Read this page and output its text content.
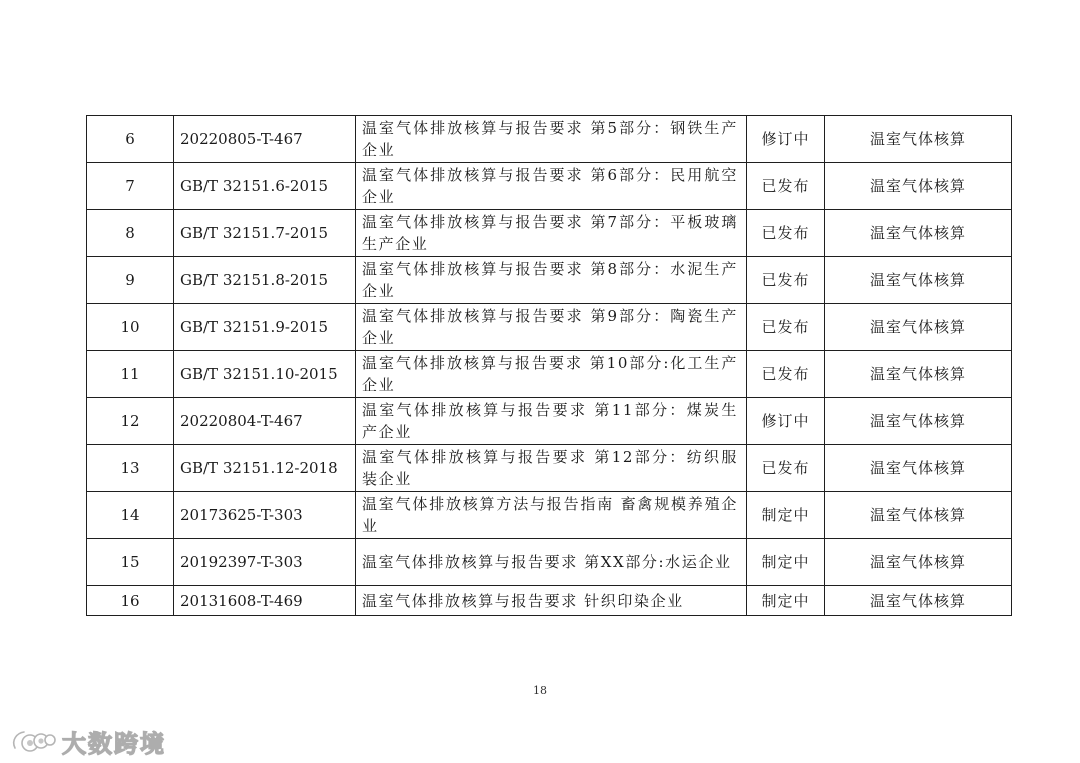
6	20220805-T-467	温室气体排放核算与报告要求 第5部分：钢铁生产企业	修订中	温室气体核算
7	GB/T 32151.6-2015	温室气体排放核算与报告要求 第6部分：民用航空企业	已发布	温室气体核算
8	GB/T 32151.7-2015	温室气体排放核算与报告要求 第7部分：平板玻璃生产企业	已发布	温室气体核算
9	GB/T 32151.8-2015	温室气体排放核算与报告要求 第8部分：水泥生产企业	已发布	温室气体核算
10	GB/T 32151.9-2015	温室气体排放核算与报告要求 第9部分：陶瓷生产企业	已发布	温室气体核算
11	GB/T 32151.10-2015	温室气体排放核算与报告要求 第10部分:化工生产企业	已发布	温室气体核算
12	20220804-T-467	温室气体排放核算与报告要求 第11部分：煤炭生产企业	修订中	温室气体核算
13	GB/T 32151.12-2018	温室气体排放核算与报告要求 第12部分：纺织服装企业	已发布	温室气体核算
14	20173625-T-303	温室气体排放核算方法与报告指南 畜禽规模养殖企业	制定中	温室气体核算
15	20192397-T-303	温室气体排放核算与报告要求 第XX部分:水运企业	制定中	温室气体核算
16	20131608-T-469	温室气体排放核算与报告要求 针织印染企业	制定中	温室气体核算
18
大数跨境
